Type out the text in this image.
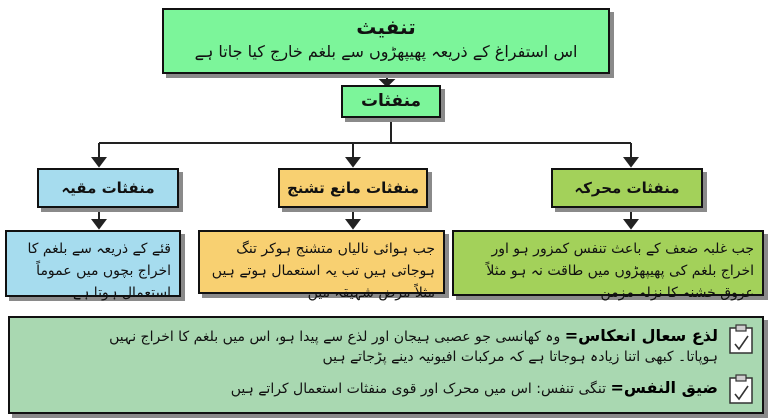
تنفیث
اس استفراغ کے ذریعہ پھیپھڑوں سے بلغم خارج کیا جاتا ہے
منفثات
منفثات مقیہ	منفثات مانع تشنج	منفثات محرکہ
قئے کے ذریعہ سے بلغم کا اخراج بچوں میں عموماً استعمال ہوتا ہے
جب ہوائی نالیاں متشنج ہوکر تنگ ہوجاتی ہیں تب یہ استعمال ہوتے ہیں مثلاً مرض شہیقہ میں
جب غلبہ ضعف کے باعث تنفس کمزور ہو اور اخراج بلغم کی پھیپھڑوں میں طاقت نہ ہو مثلاً عروق خشنہ کا نزلہ مزمن
لذع سعال انعکاس= وہ کھانسی جو عصبی ہیجان اور لذع سے پیدا ہو، اس میں بلغم کا اخراج نہیں ہوپاتا۔ کبھی اتنا زیادہ ہوجاتا ہے کہ مرکبات افیونیہ دینے پڑجاتے ہیں
ضیق النفس= تنگی تنفس: اس میں محرک اور قوی منفثات استعمال کراتے ہیں
